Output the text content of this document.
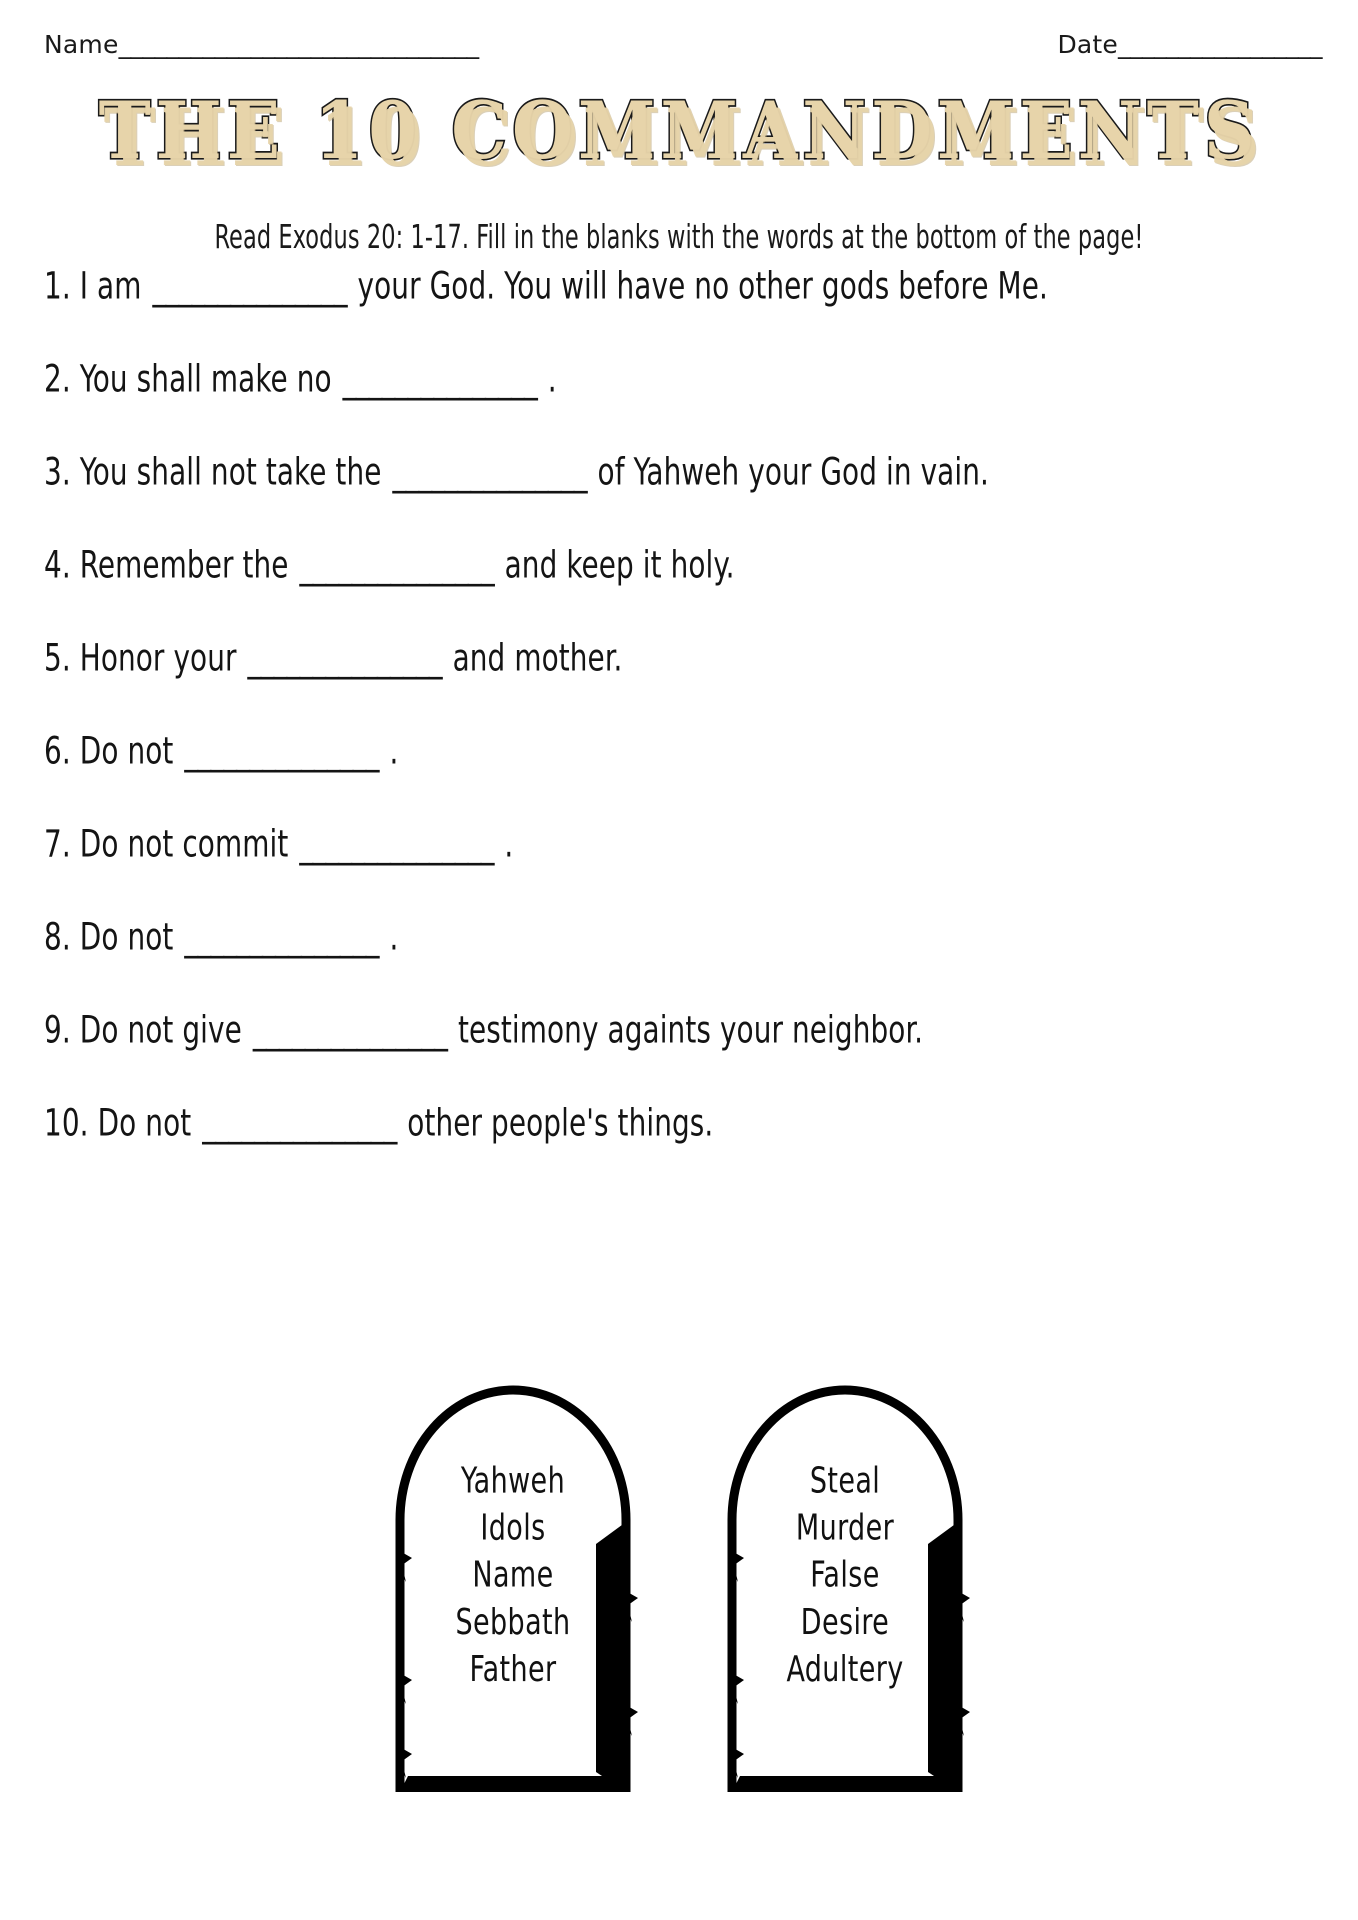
Name ______________________________	Date _________________
THE 10 COMMANDMENTS
Read Exodus 20: 1-17. Fill in the blanks with the words at the bottom of the page!
1. I am _______________ your God. You will have no other gods before Me.
2. You shall make no _______________ .
3. You shall not take the _______________ of Yahweh your God in vain.
4. Remember the _______________ and keep it holy.
5. Honor your _______________ and mother.
6. Do not _______________ .
7. Do not commit _______________ .
8. Do not _______________ .
9. Do not give _______________ testimony againts your neighbor.
10. Do not _______________ other people's things.
Yahweh
Idols
Name
Sebbath
Father
Steal
Murder
False
Desire
Adultery
